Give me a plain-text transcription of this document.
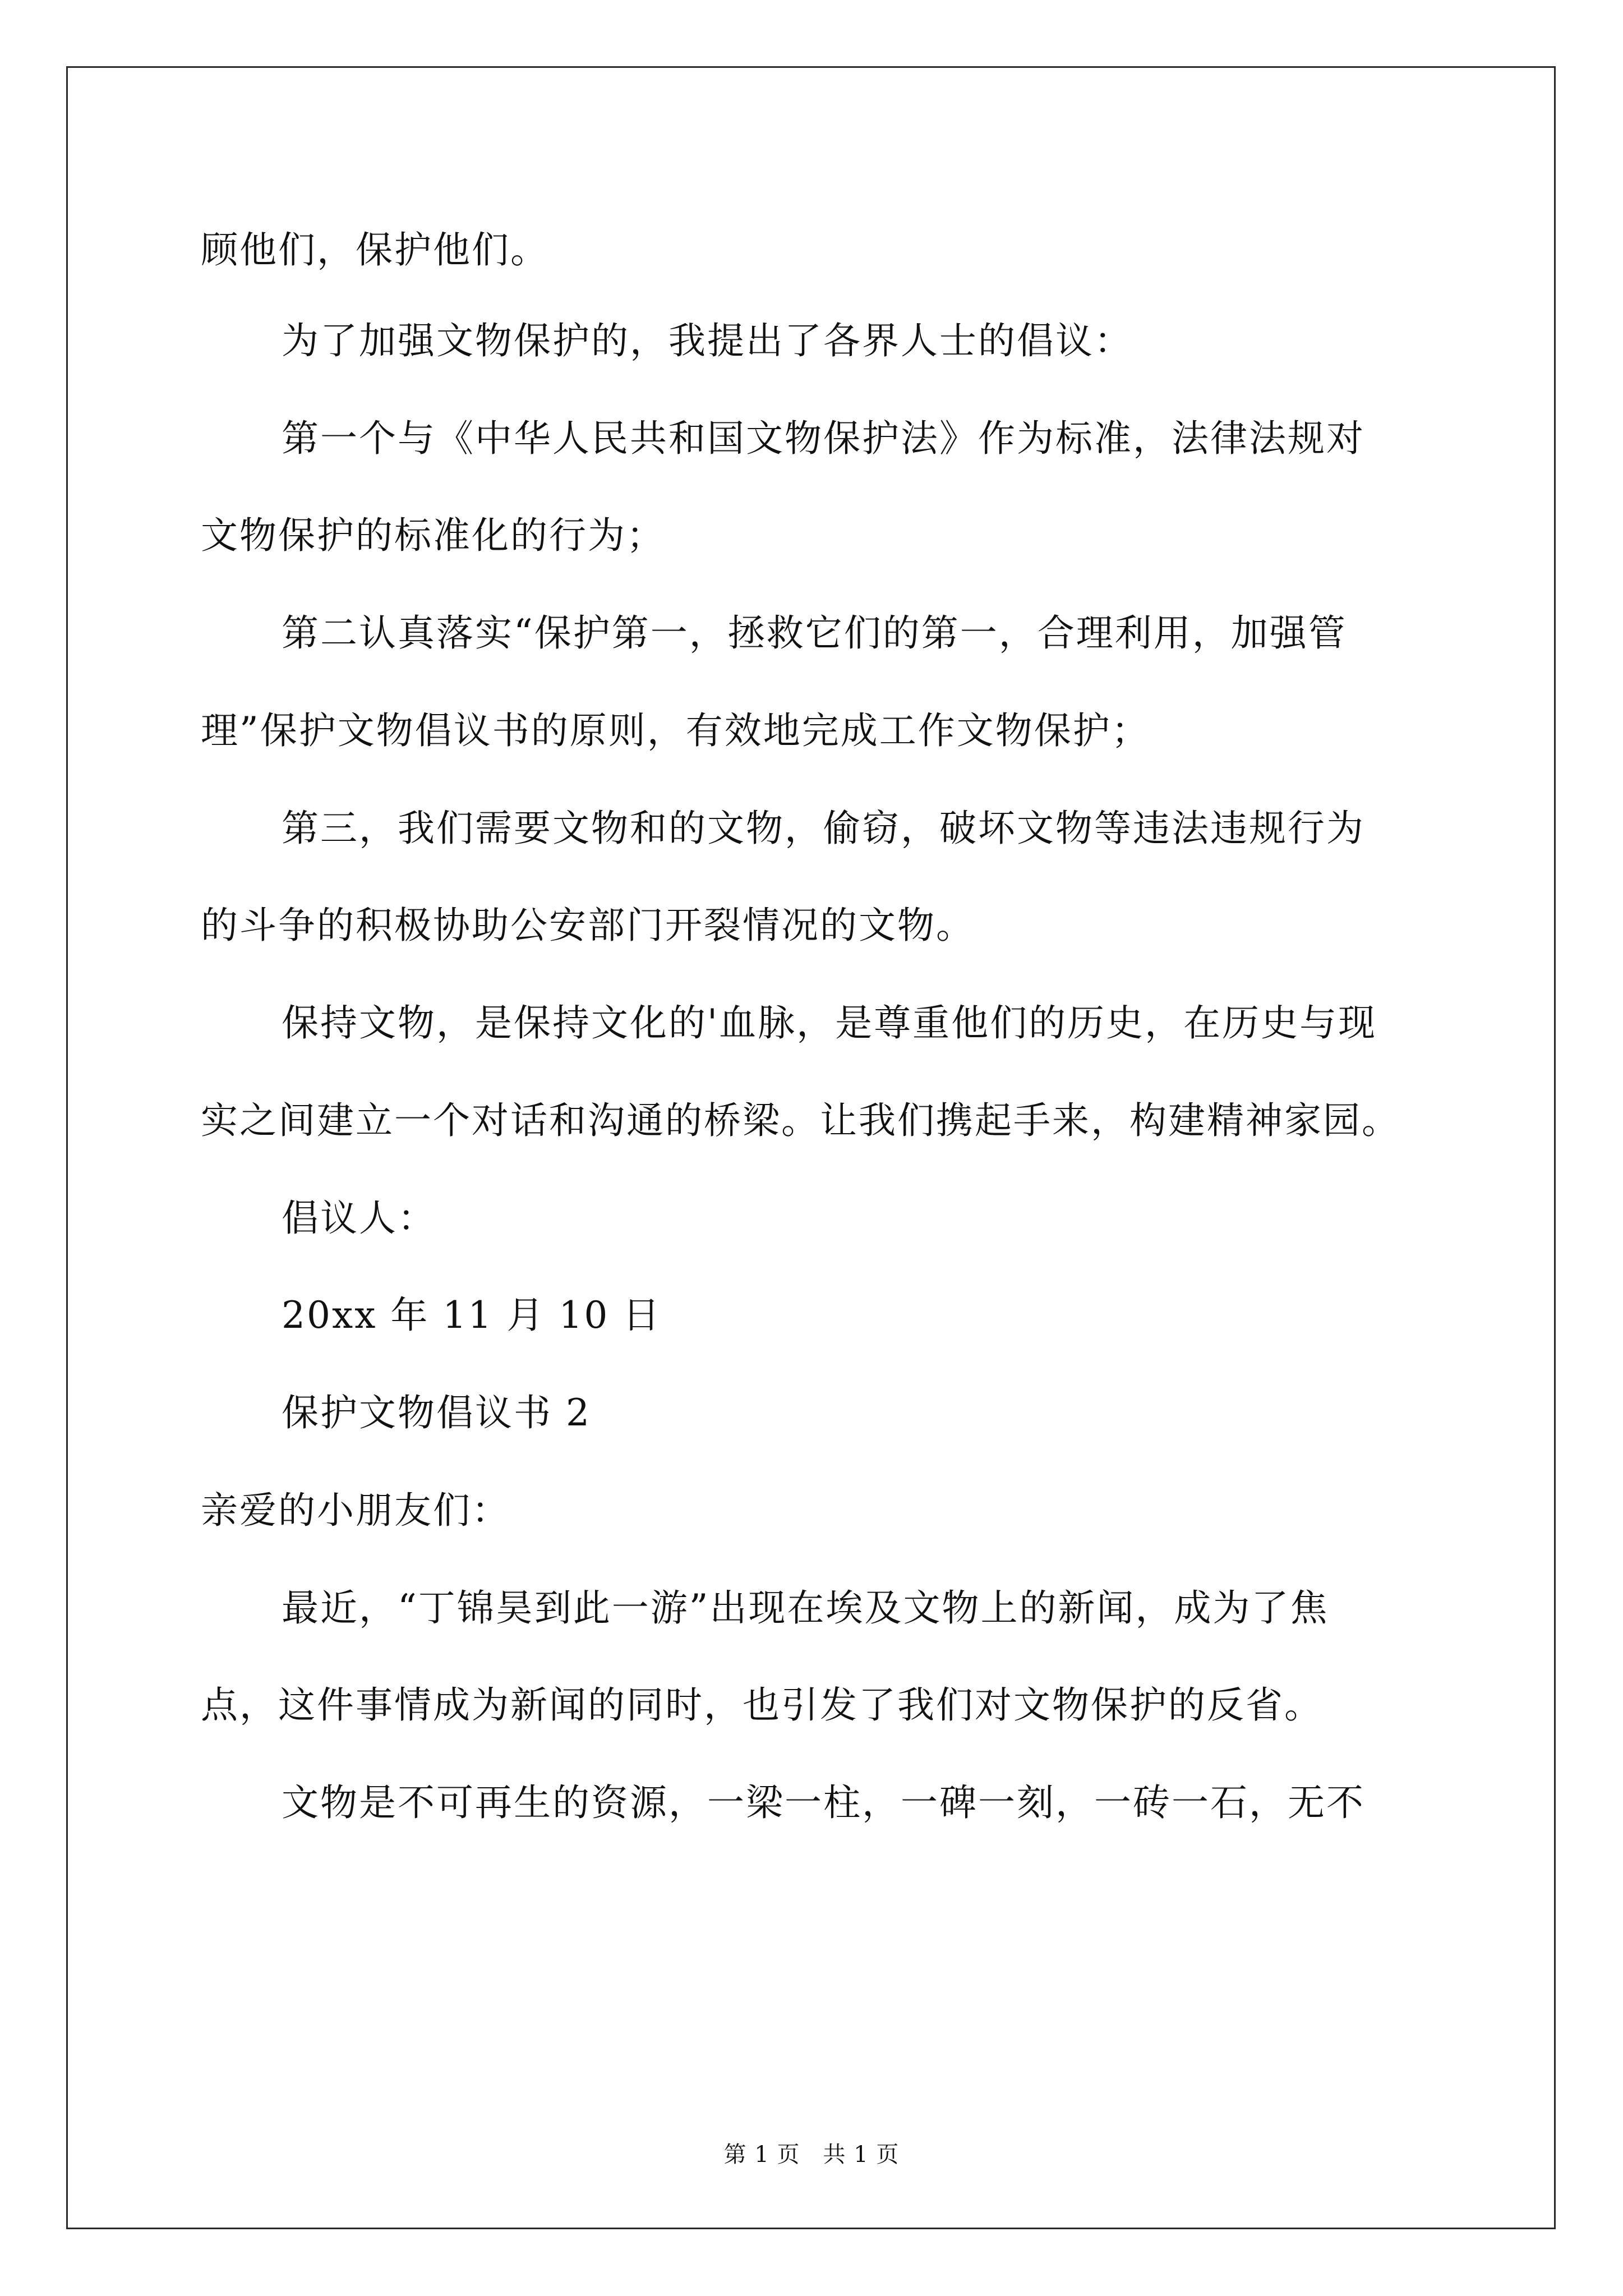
顾他们，保护他们。
为了加强文物保护的，我提出了各界人士的倡议：
第一个与《中华人民共和国文物保护法》作为标准，法律法规对
文物保护的标准化的行为；
第二认真落实“保护第一，拯救它们的第一，合理利用，加强管
理”保护文物倡议书的原则，有效地完成工作文物保护；
第三，我们需要文物和的文物，偷窃，破坏文物等违法违规行为
的斗争的积极协助公安部门开裂情况的文物。
保持文物，是保持文化的'血脉，是尊重他们的历史，在历史与现
实之间建立一个对话和沟通的桥梁。让我们携起手来，构建精神家园。
倡议人：
20xx 年 11 月 10 日
保护文物倡议书 2
亲爱的小朋友们：
最近，“丁锦昊到此一游”出现在埃及文物上的新闻，成为了焦
点，这件事情成为新闻的同时，也引发了我们对文物保护的反省。
文物是不可再生的资源，一梁一柱，一碑一刻，一砖一石，无不
第 1 页　共 1 页
